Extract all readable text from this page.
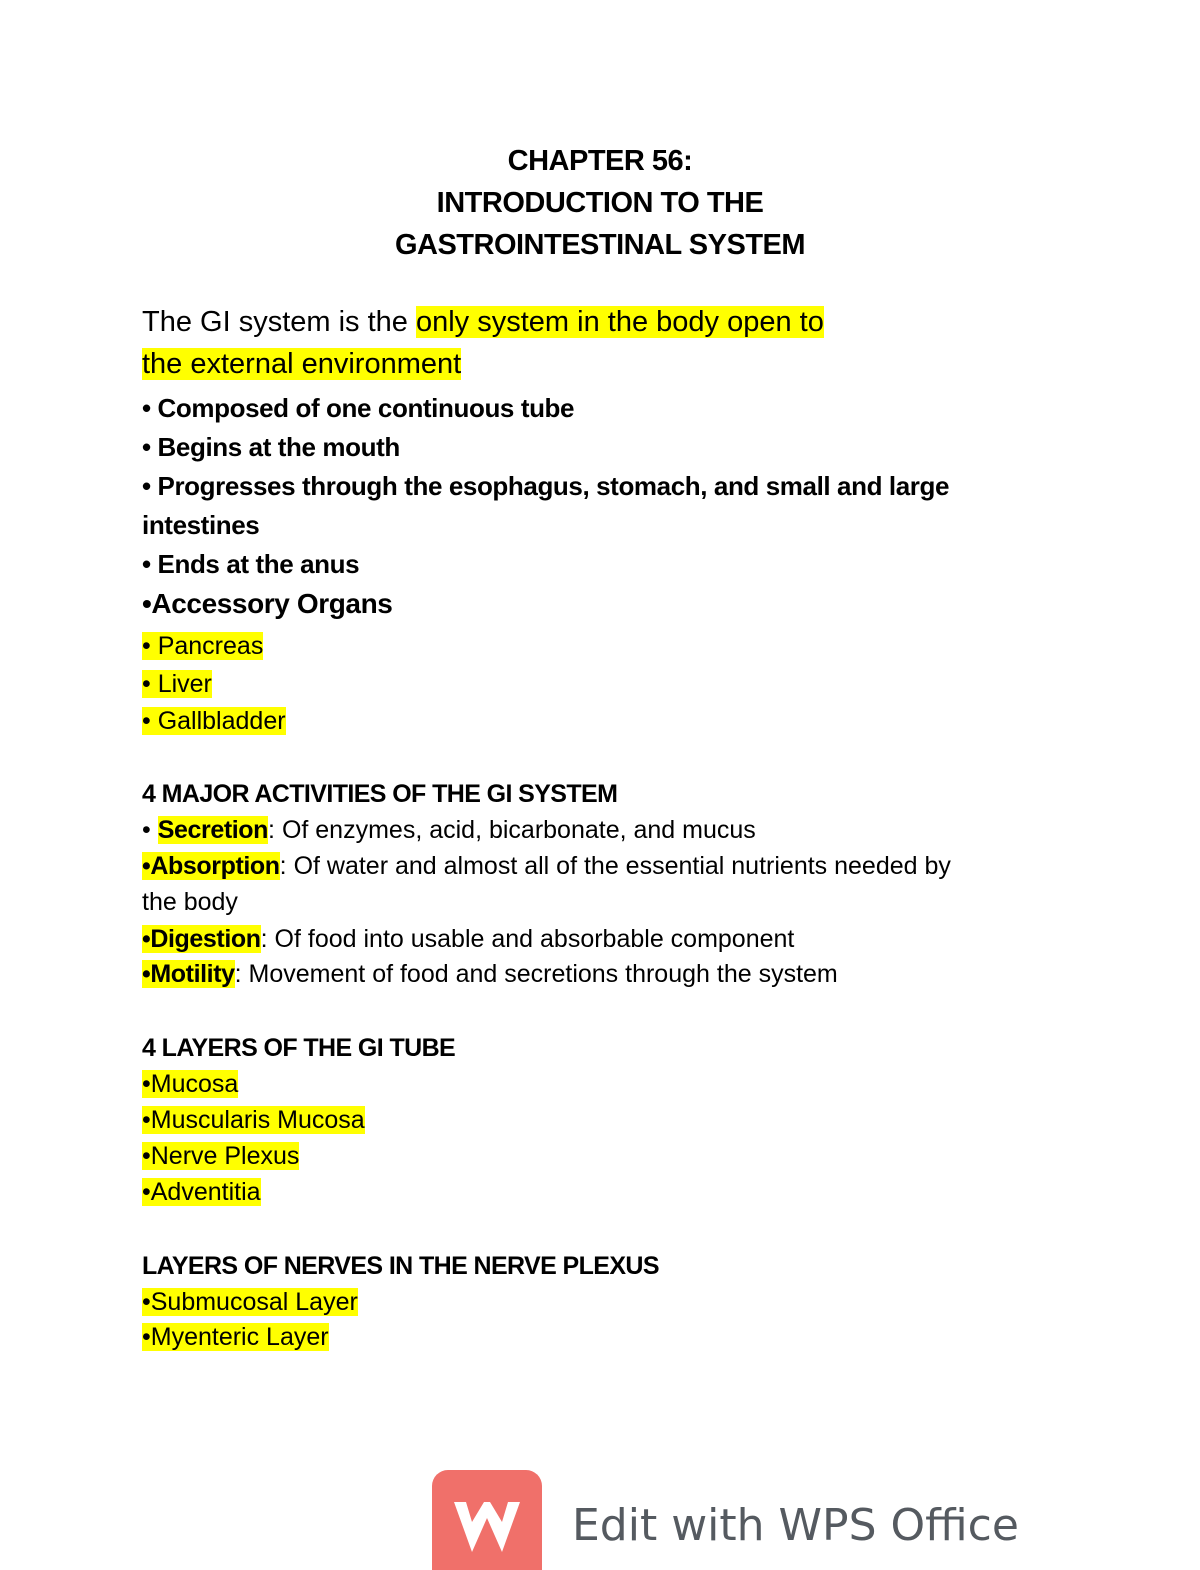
CHAPTER 56:
INTRODUCTION TO THE
GASTROINTESTINAL SYSTEM
The GI system is the only system in the body open to
the external environment
• Composed of one continuous tube
• Begins at the mouth
• Progresses through the esophagus, stomach, and small and large
intestines
• Ends at the anus
•Accessory Organs
• Pancreas
• Liver
• Gallbladder
4 MAJOR ACTIVITIES OF THE GI SYSTEM
• Secretion: Of enzymes, acid, bicarbonate, and mucus
•Absorption: Of water and almost all of the essential nutrients needed by
the body
•Digestion: Of food into usable and absorbable component
•Motility: Movement of food and secretions through the system
4 LAYERS OF THE GI TUBE
•Mucosa
•Muscularis Mucosa
•Nerve Plexus
•Adventitia
LAYERS OF NERVES IN THE NERVE PLEXUS
•Submucosal Layer
•Myenteric Layer
Edit with WPS Office
